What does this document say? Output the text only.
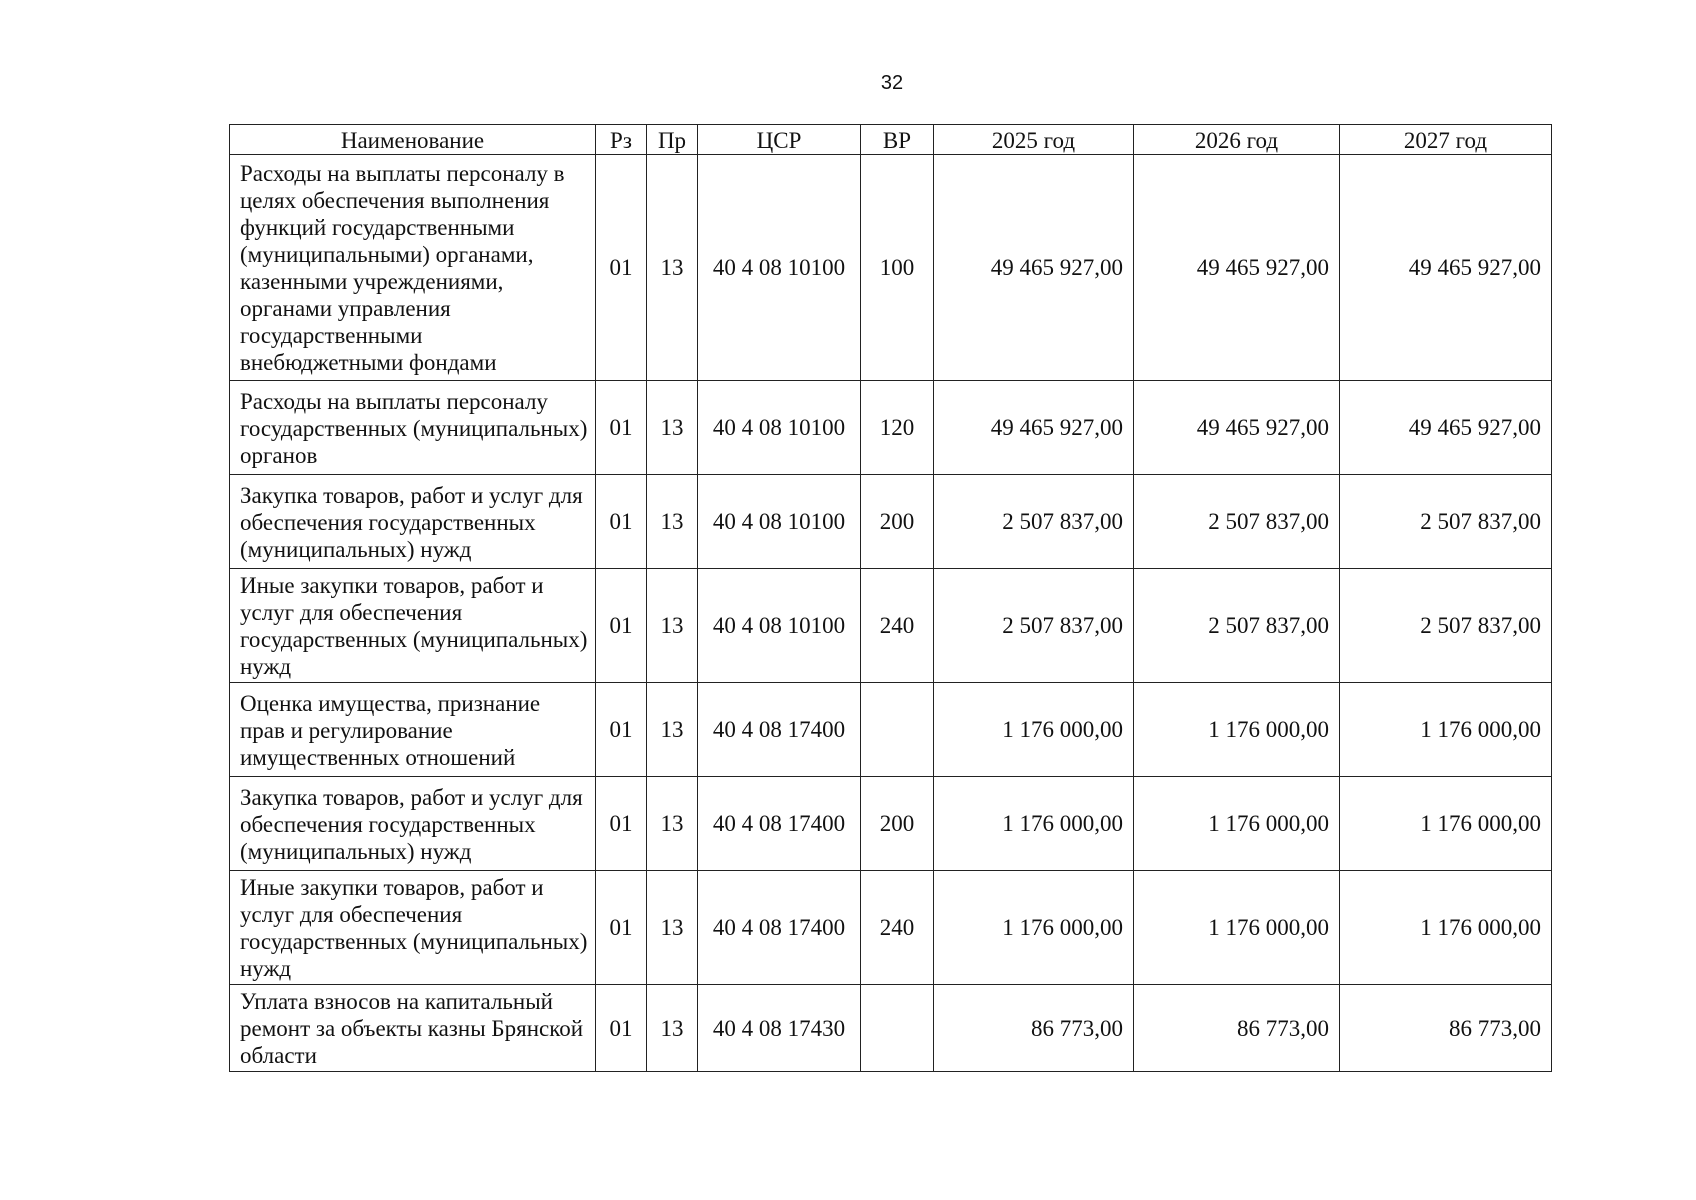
32
Наименование	Рз	Пр	ЦСР	ВР	2025 год	2026 год	2027 год
Расходы на выплаты персоналу в целях обеспечения выполнения функций государственными (муниципальными) органами, казенными учреждениями, органами управления государственными внебюджетными фондами	01	13	40 4 08 10100	100	49 465 927,00	49 465 927,00	49 465 927,00
Расходы на выплаты персоналу государственных (муниципальных) органов	01	13	40 4 08 10100	120	49 465 927,00	49 465 927,00	49 465 927,00
Закупка товаров, работ и услуг для обеспечения государственных (муниципальных) нужд	01	13	40 4 08 10100	200	2 507 837,00	2 507 837,00	2 507 837,00
Иные закупки товаров, работ и услуг для обеспечения государственных (муниципальных) нужд	01	13	40 4 08 10100	240	2 507 837,00	2 507 837,00	2 507 837,00
Оценка имущества, признание прав и регулирование имущественных отношений	01	13	40 4 08 17400		1 176 000,00	1 176 000,00	1 176 000,00
Закупка товаров, работ и услуг для обеспечения государственных (муниципальных) нужд	01	13	40 4 08 17400	200	1 176 000,00	1 176 000,00	1 176 000,00
Иные закупки товаров, работ и услуг для обеспечения государственных (муниципальных) нужд	01	13	40 4 08 17400	240	1 176 000,00	1 176 000,00	1 176 000,00
Уплата взносов на капитальный ремонт за объекты казны Брянской области	01	13	40 4 08 17430		86 773,00	86 773,00	86 773,00
